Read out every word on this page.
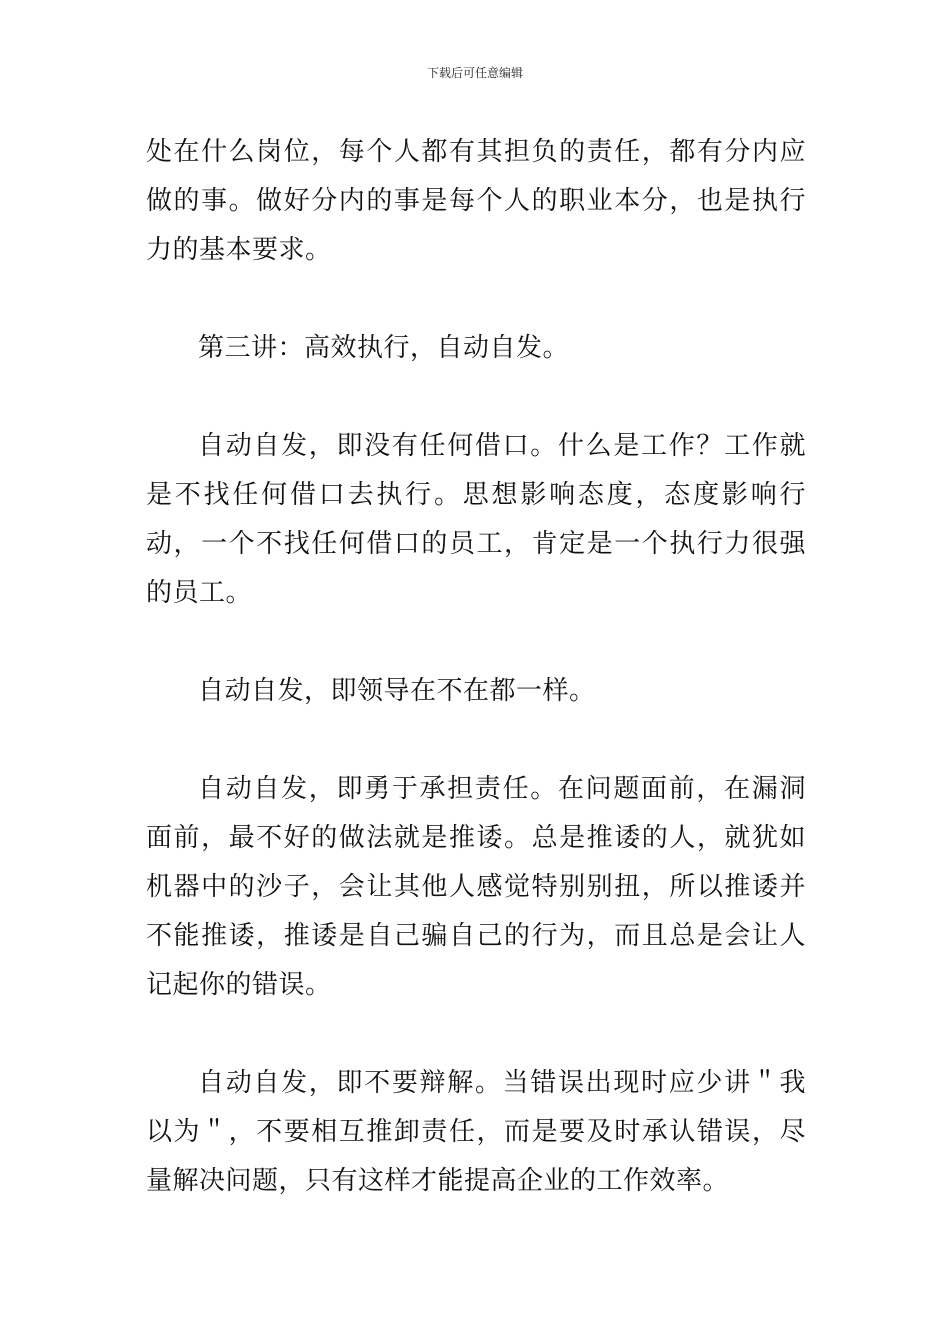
下载后可任意编辑

处在什么岗位，每个人都有其担负的责任，都有分内应做的事。做好分内的事是每个人的职业本分，也是执行力的基本要求。

第三讲：高效执行，自动自发。

自动自发，即没有任何借口。什么是工作？工作就是不找任何借口去执行。思想影响态度，态度影响行动，一个不找任何借口的员工，肯定是一个执行力很强的员工。

自动自发，即领导在不在都一样。

自动自发，即勇于承担责任。在问题面前，在漏洞面前，最不好的做法就是推诿。总是推诿的人，就犹如机器中的沙子，会让其他人感觉特别别扭，所以推诿并不能推诿，推诿是自己骗自己的行为，而且总是会让人记起你的错误。

自动自发，即不要辩解。当错误出现时应少讲＂我以为＂，不要相互推卸责任，而是要及时承认错误，尽量解决问题，只有这样才能提高企业的工作效率。
